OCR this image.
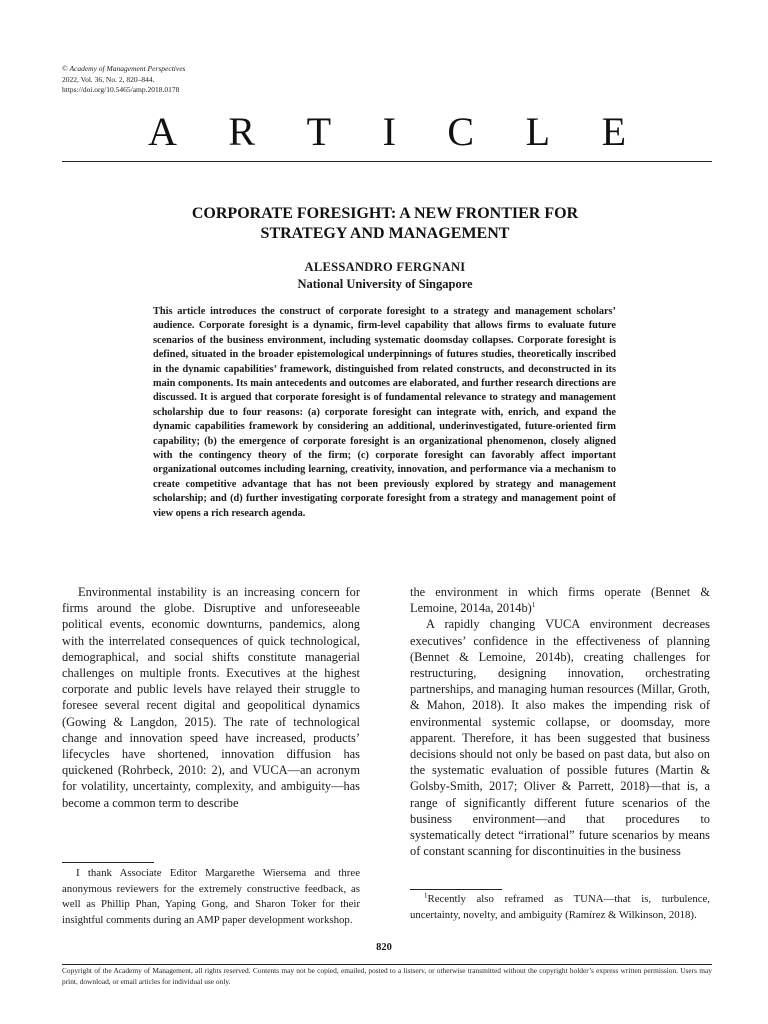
© Academy of Management Perspectives
2022, Vol. 36, No. 2, 820–844.
https://doi.org/10.5465/amp.2018.0178
A R T I C L E
CORPORATE FORESIGHT: A NEW FRONTIER FOR
STRATEGY AND MANAGEMENT
ALESSANDRO FERGNANI
National University of Singapore
This article introduces the construct of corporate foresight to a strategy and management scholars’ audience. Corporate foresight is a dynamic, firm-level capability that allows firms to evaluate future scenarios of the business environment, including systematic doomsday collapses. Corporate foresight is defined, situated in the broader epistemological underpinnings of futures studies, theoretically inscribed in the dynamic capabilities’ framework, distinguished from related constructs, and deconstructed in its main components. Its main antecedents and outcomes are elaborated, and further research directions are discussed. It is argued that corporate foresight is of fundamental relevance to strategy and management scholarship due to four reasons: (a) corporate foresight can integrate with, enrich, and expand the dynamic capabilities framework by considering an additional, underinvestigated, future-oriented firm capability; (b) the emergence of corporate foresight is an organizational phenomenon, closely aligned with the contingency theory of the firm; (c) corporate foresight can favorably affect important organizational outcomes including learning, creativity, innovation, and performance via a mechanism to create competitive advantage that has not been previously explored by strategy and management scholarship; and (d) further investigating corporate foresight from a strategy and management point of view opens a rich research agenda.

Environmental instability is an increasing concern for firms around the globe. Disruptive and unforeseeable political events, economic downturns, pandemics, along with the interrelated consequences of quick technological, demographical, and social shifts constitute managerial challenges on multiple fronts. Executives at the highest corporate and public levels have relayed their struggle to foresee several recent digital and geopolitical dynamics (Gowing & Langdon, 2015). The rate of technological change and innovation speed have increased, products’ lifecycles have shortened, innovation diffusion has quickened (Rohrbeck, 2010: 2), and VUCA—an acronym for volatility, uncertainty, complexity, and ambiguity—has become a common term to describe

the environment in which firms operate (Bennet & Lemoine, 2014a, 2014b)$^1$

A rapidly changing VUCA environment decreases executives’ confidence in the effectiveness of planning (Bennet & Lemoine, 2014b), creating challenges for restructuring, designing innovation, orchestrating partnerships, and managing human resources (Millar, Groth, & Mahon, 2018). It also makes the impending risk of environmental systemic collapse, or doomsday, more apparent. Therefore, it has been suggested that business decisions should not only be based on past data, but also on the systematic evaluation of possible futures (Martin & Golsby-Smith, 2017; Oliver & Parrett, 2018)—that is, a range of significantly different future scenarios of the business environment—and that procedures to systematically detect “irrational” future scenarios by means of constant scanning for discontinuities in the business

I thank Associate Editor Margarethe Wiersema and three anonymous reviewers for the extremely constructive feedback, as well as Phillip Phan, Yaping Gong, and Sharon Toker for their insightful comments during an AMP paper development workshop.
$^1$Recently also reframed as TUNA—that is, turbulence, uncertainty, novelty, and ambiguity (Ramírez & Wilkinson, 2018).
820
Copyright of the Academy of Management, all rights reserved. Contents may not be copied, emailed, posted to a listserv, or otherwise transmitted without the copyright holder’s express written permission. Users may print, download, or email articles for individual use only.
